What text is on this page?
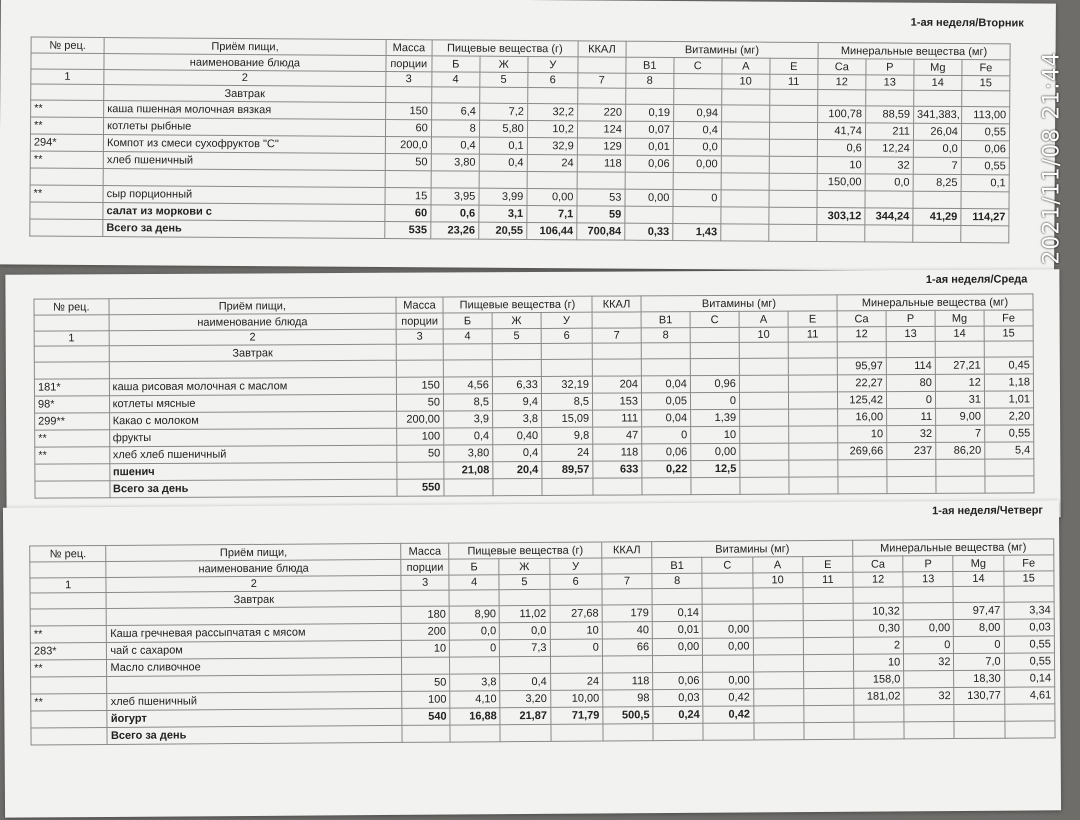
1-ая неделя/Вторник
№ рец.	Приём пищи,	Масса	Пищевые вещества (г)			ККАЛ	Витамины (мг)				Минеральные вещества (мг)			
	наименование блюда	порции	Б	Ж	У		B1	C	A	E	Ca	P	Mg	Fe
1	2	3	4	5	6	7	8		10	11	12	13	14	15
	Завтрак													
**	каша пшенная молочная вязкая	150	6,4	7,2	32,2	220	0,19	0,94			100,78	88,59	341,383,	113,00
**	котлеты рыбные	60	8	5,80	10,2	124	0,07	0,4			41,74	211	26,04	0,55
294*	Компот из смеси сухофруктов "С"	200,0	0,4	0,1	32,9	129	0,01	0,0			0,6	12,24	0,0	0,06
**	хлеб пшеничный	50	3,80	0,4	24	118	0,06	0,00			10	32	7	0,55
											150,00	0,0	8,25	0,1
**	сыр порционный	15	3,95	3,99	0,00	53	0,00	0						
	салат из моркови с	60	0,6	3,1	7,1	59					303,12	344,24	41,29	114,27
	Всего за день	535	23,26	20,55	106,44	700,84	0,33	1,43						
1-ая неделя/Среда
№ рец.	Приём пищи,	Масса	Пищевые вещества (г)			ККАЛ	Витамины (мг)				Минеральные вещества (мг)			
	наименование блюда	порции	Б	Ж	У		B1	C	A	E	Ca	P	Mg	Fe
1	2	3	4	5	6	7	8		10	11	12	13	14	15
	Завтрак													
											95,97	114	27,21	0,45
181*	каша рисовая молочная с маслом	150	4,56	6,33	32,19	204	0,04	0,96			22,27	80	12	1,18
98*	котлеты мясные	50	8,5	9,4	8,5	153	0,05	0			125,42	0	31	1,01
299**	Какао с молоком	200,00	3,9	3,8	15,09	111	0,04	1,39			16,00	11	9,00	2,20
**	фрукты	100	0,4	0,40	9,8	47	0	10			10	32	7	0,55
**	хлеб хлеб пшеничный	50	3,80	0,4	24	118	0,06	0,00			269,66	237	86,20	5,4
	пшенич		21,08	20,4	89,57	633	0,22	12,5						
	Всего за день	550												
1-ая неделя/Четверг
№ рец.	Приём пищи,	Масса	Пищевые вещества (г)			ККАЛ	Витамины (мг)				Минеральные вещества (мг)			
	наименование блюда	порции	Б	Ж	У		B1	C	A	E	Ca	P	Mg	Fe
1	2	3	4	5	6	7	8		10	11	12	13	14	15
	Завтрак													
		180	8,90	11,02	27,68	179	0,14				10,32		97,47	3,34
**	Каша гречневая рассыпчатая с мясом	200	0,0	0,0	10	40	0,01	0,00			0,30	0,00	8,00	0,03
283*	чай с сахаром	10	0	7,3	0	66	0,00	0,00			2	0	0	0,55
**	Масло сливочное										10	32	7,0	0,55
		50	3,8	0,4	24	118	0,06	0,00			158,0		18,30	0,14
**	хлеб пшеничный	100	4,10	3,20	10,00	98	0,03	0,42			181,02	32	130,77	4,61
	йогурт	540	16,88	21,87	71,79	500,5	0,24	0,42						
	Всего за день													
2021/11/08 21:44
